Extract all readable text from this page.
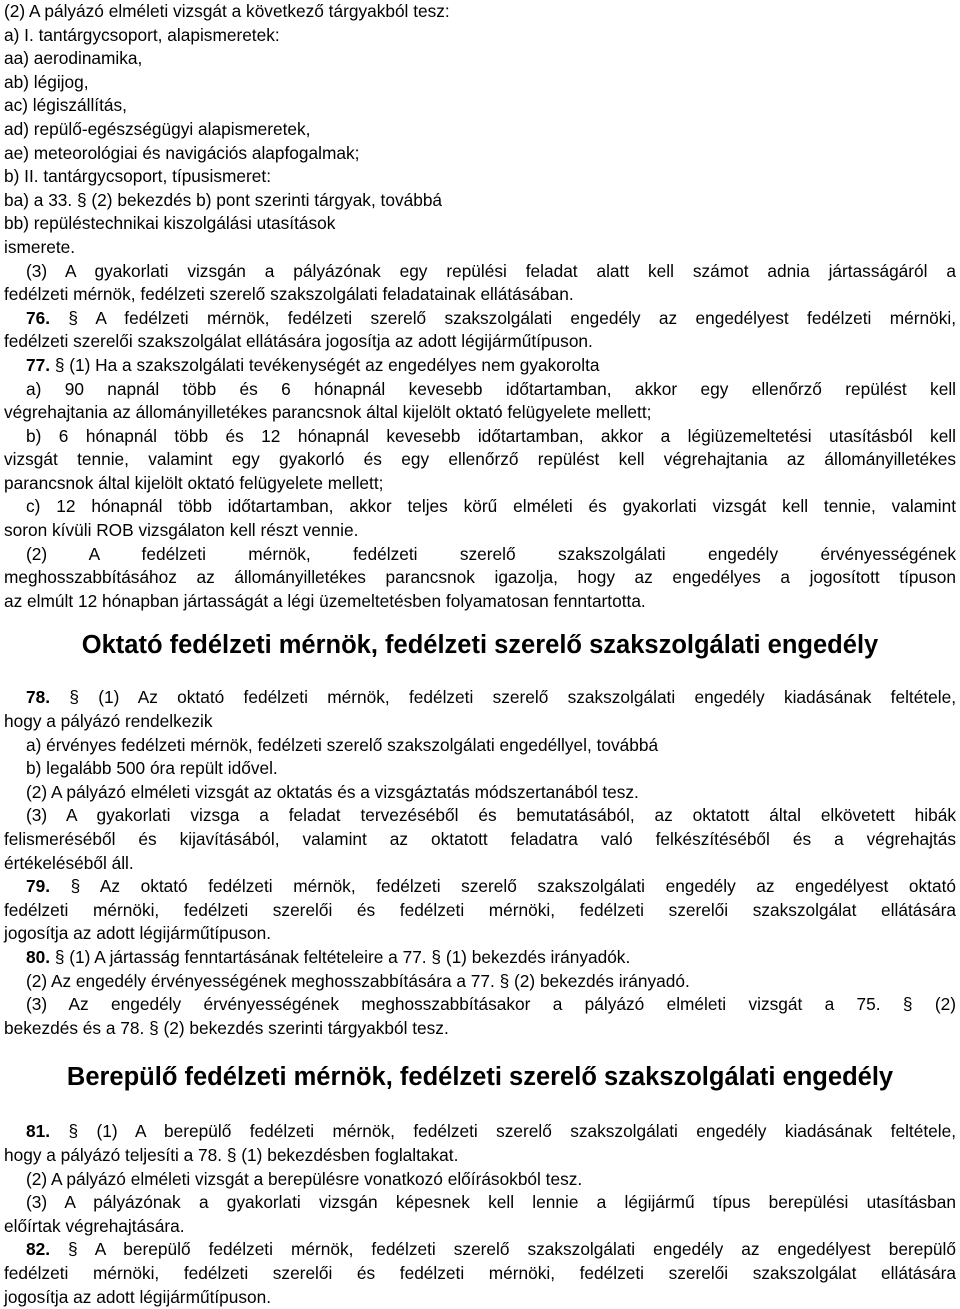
(2) A pályázó elméleti vizsgát a következő tárgyakból tesz:
a) I. tantárgycsoport, alapismeretek:
aa) aerodinamika,
ab) légijog,
ac) légiszállítás,
ad) repülő-egészségügyi alapismeretek,
ae) meteorológiai és navigációs alapfogalmak;
b) II. tantárgycsoport, típusismeret:
ba) a 33. § (2) bekezdés b) pont szerinti tárgyak, továbbá
bb) repüléstechnikai kiszolgálási utasítások
ismerete.
(3) A gyakorlati vizsgán a pályázónak egy repülési feladat alatt kell számot adnia jártasságáról a
fedélzeti mérnök, fedélzeti szerelő szakszolgálati feladatainak ellátásában.
76. § A fedélzeti mérnök, fedélzeti szerelő szakszolgálati engedély az engedélyest fedélzeti mérnöki,
fedélzeti szerelői szakszolgálat ellátására jogosítja az adott légijárműtípuson.
77. § (1) Ha a szakszolgálati tevékenységét az engedélyes nem gyakorolta
a) 90 napnál több és 6 hónapnál kevesebb időtartamban, akkor egy ellenőrző repülést kell
végrehajtania az állományilletékes parancsnok által kijelölt oktató felügyelete mellett;
b) 6 hónapnál több és 12 hónapnál kevesebb időtartamban, akkor a légiüzemeltetési utasításból kell
vizsgát tennie, valamint egy gyakorló és egy ellenőrző repülést kell végrehajtania az állományilletékes
parancsnok által kijelölt oktató felügyelete mellett;
c) 12 hónapnál több időtartamban, akkor teljes körű elméleti és gyakorlati vizsgát kell tennie, valamint
soron kívüli ROB vizsgálaton kell részt vennie.
(2) A fedélzeti mérnök, fedélzeti szerelő szakszolgálati engedély érvényességének
meghosszabbításához az állományilletékes parancsnok igazolja, hogy az engedélyes a jogosított típuson
az elmúlt 12 hónapban jártasságát a légi üzemeltetésben folyamatosan fenntartotta.
Oktató fedélzeti mérnök, fedélzeti szerelő szakszolgálati engedély
78. § (1) Az oktató fedélzeti mérnök, fedélzeti szerelő szakszolgálati engedély kiadásának feltétele,
hogy a pályázó rendelkezik
a) érvényes fedélzeti mérnök, fedélzeti szerelő szakszolgálati engedéllyel, továbbá
b) legalább 500 óra repült idővel.
(2) A pályázó elméleti vizsgát az oktatás és a vizsgáztatás módszertanából tesz.
(3) A gyakorlati vizsga a feladat tervezéséből és bemutatásából, az oktatott által elkövetett hibák
felismeréséből és kijavításából, valamint az oktatott feladatra való felkészítéséből és a végrehajtás
értékeléséből áll.
79. § Az oktató fedélzeti mérnök, fedélzeti szerelő szakszolgálati engedély az engedélyest oktató
fedélzeti mérnöki, fedélzeti szerelői és fedélzeti mérnöki, fedélzeti szerelői szakszolgálat ellátására
jogosítja az adott légijárműtípuson.
80. § (1) A jártasság fenntartásának feltételeire a 77. § (1) bekezdés irányadók.
(2) Az engedély érvényességének meghosszabbítására a 77. § (2) bekezdés irányadó.
(3) Az engedély érvényességének meghosszabbításakor a pályázó elméleti vizsgát a 75. § (2)
bekezdés és a 78. § (2) bekezdés szerinti tárgyakból tesz.
Berepülő fedélzeti mérnök, fedélzeti szerelő szakszolgálati engedély
81. § (1) A berepülő fedélzeti mérnök, fedélzeti szerelő szakszolgálati engedély kiadásának feltétele,
hogy a pályázó teljesíti a 78. § (1) bekezdésben foglaltakat.
(2) A pályázó elméleti vizsgát a berepülésre vonatkozó előírásokból tesz.
(3) A pályázónak a gyakorlati vizsgán képesnek kell lennie a légijármű típus berepülési utasításban
előírtak végrehajtására.
82. § A berepülő fedélzeti mérnök, fedélzeti szerelő szakszolgálati engedély az engedélyest berepülő
fedélzeti mérnöki, fedélzeti szerelői és fedélzeti mérnöki, fedélzeti szerelői szakszolgálat ellátására
jogosítja az adott légijárműtípuson.
